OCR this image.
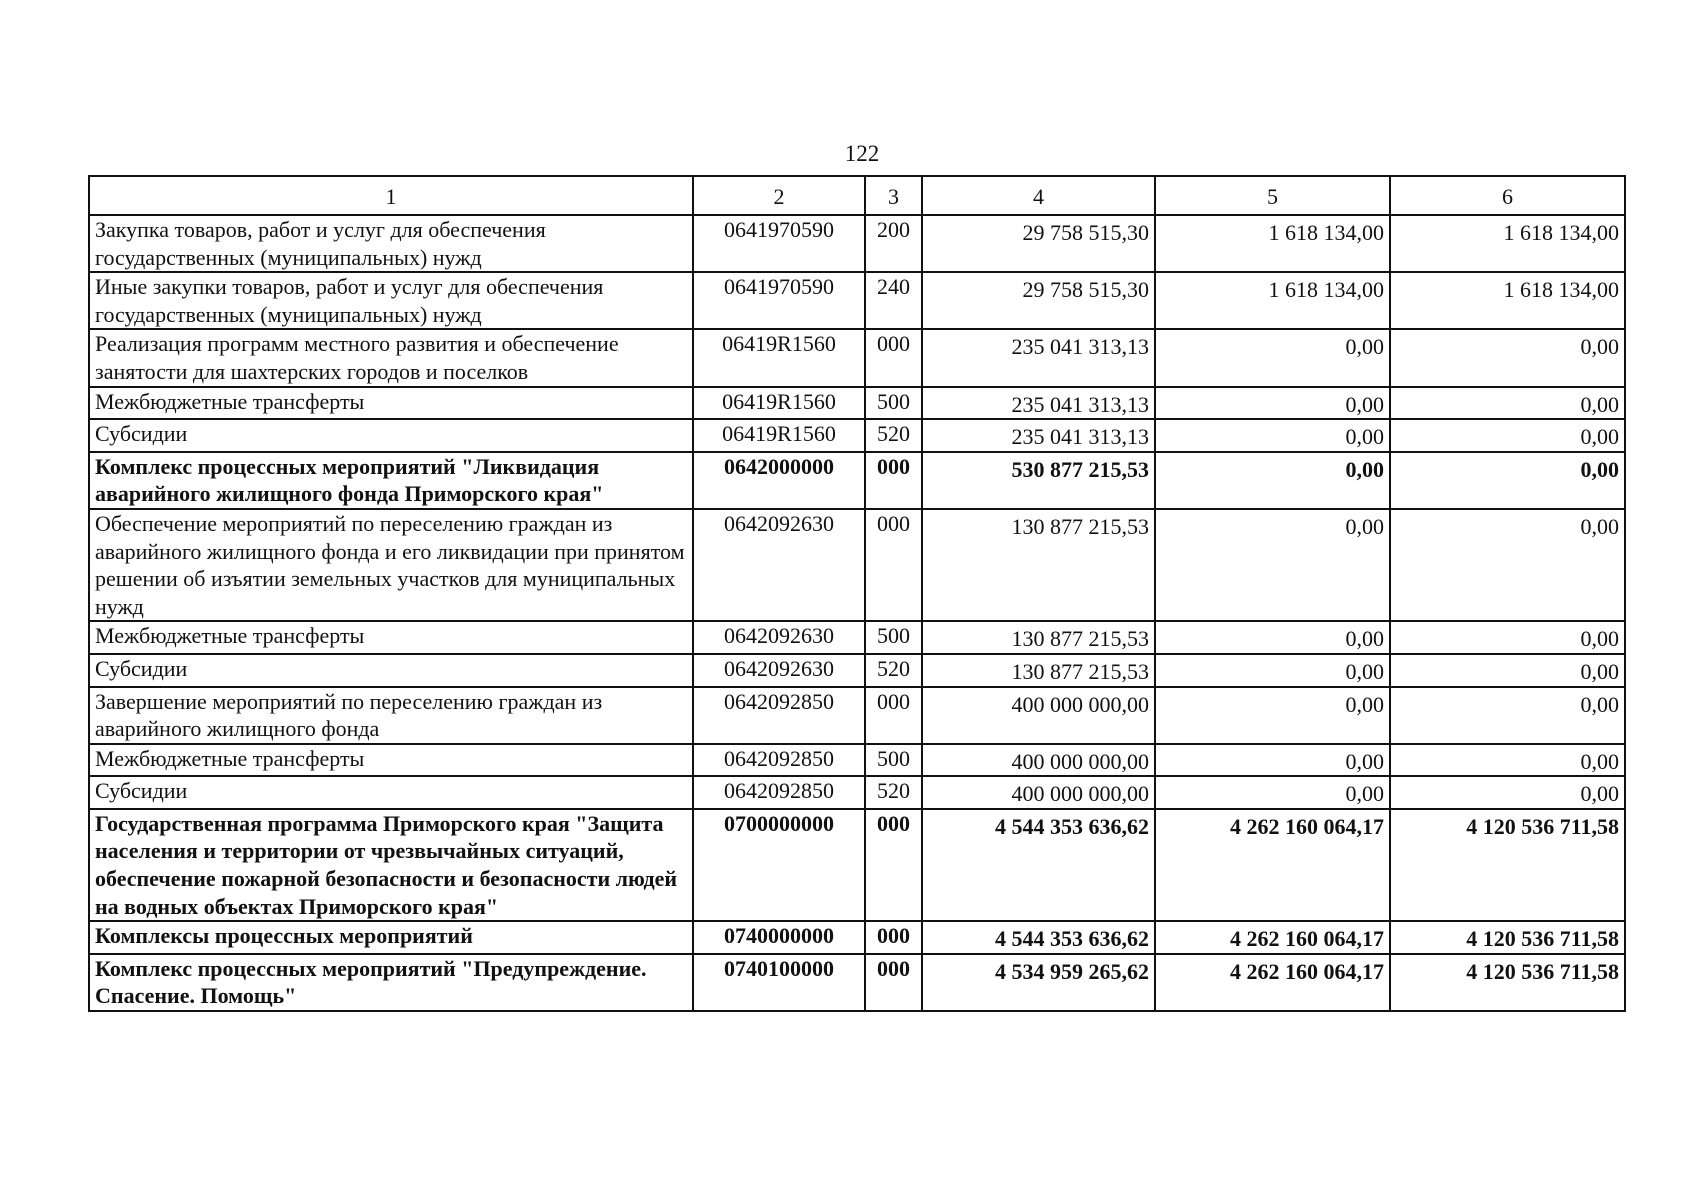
122
1	2	3	4	5	6
Закупка товаров, работ и услуг для обеспечения государственных (муниципальных) нужд	0641970590	200	29 758 515,30	1 618 134,00	1 618 134,00

Иные закупки товаров, работ и услуг для обеспечения государственных (муниципальных) нужд	0641970590	240	29 758 515,30	1 618 134,00	1 618 134,00

Реализация программ местного развития и обеспечение занятости для шахтерских городов и поселков	06419R1560	000	235 041 313,13	0,00	0,00

Межбюджетные трансферты	06419R1560	500	235 041 313,13	0,00	0,00

Субсидии	06419R1560	520	235 041 313,13	0,00	0,00

Комплекс процессных мероприятий "Ликвидация аварийного жилищного фонда Приморского края"	0642000000	000	530 877 215,53	0,00	0,00

Обеспечение мероприятий по переселению граждан из аварийного жилищного фонда и его ликвидации при принятом решении об изъятии земельных участков для муниципальных нужд	0642092630	000	130 877 215,53	0,00	0,00

Межбюджетные трансферты	0642092630	500	130 877 215,53	0,00	0,00

Субсидии	0642092630	520	130 877 215,53	0,00	0,00

Завершение мероприятий по переселению граждан из аварийного жилищного фонда	0642092850	000	400 000 000,00	0,00	0,00

Межбюджетные трансферты	0642092850	500	400 000 000,00	0,00	0,00

Субсидии	0642092850	520	400 000 000,00	0,00	0,00

Государственная программа Приморского края "Защита населения и территории от чрезвычайных ситуаций, обеспечение пожарной безопасности и безопасности людей на водных объектах Приморского края"	0700000000	000	4 544 353 636,62	4 262 160 064,17	4 120 536 711,58

Комплексы процессных мероприятий	0740000000	000	4 544 353 636,62	4 262 160 064,17	4 120 536 711,58

Комплекс процессных мероприятий "Предупреждение. Спасение. Помощь"	0740100000	000	4 534 959 265,62	4 262 160 064,17	4 120 536 711,58
